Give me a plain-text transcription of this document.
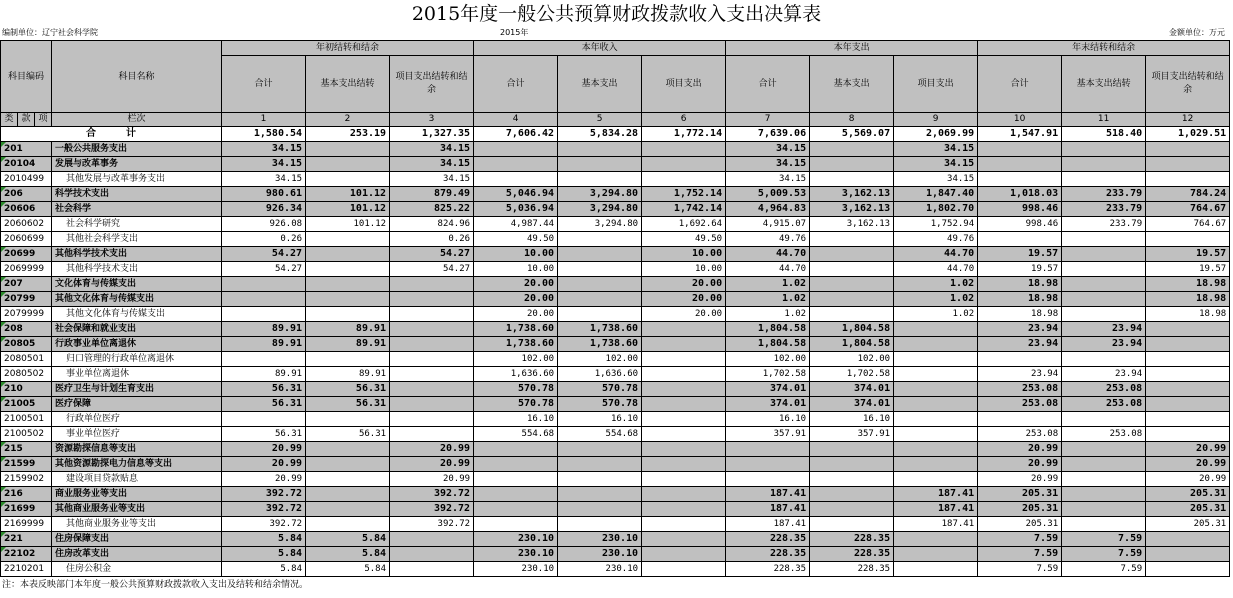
2015年度一般公共预算财政拨款收入支出决算表
编制单位：辽宁社会科学院	2015年	金额单位：万元
科目编码			科目名称	年初结转和结余			本年收入			本年支出			年末结转和结余		
				合计	基本支出结转	项目支出结转和结余	合计	基本支出	项目支出	合计	基本支出	项目支出	合计	基本支出结转	项目支出结转和结余
类	款	项	栏次	1	2	3	4	5	6	7	8	9	10	11	12
合　　　计				1,580.54	253.19	1,327.35	7,606.42	5,834.28	1,772.14	7,639.06	5,569.07	2,069.99	1,547.91	518.40	1,029.51

201			一般公共服务支出	34.15		34.15				34.15		34.15			

20104			发展与改革事务	34.15		34.15				34.15		34.15			
2010499			其他发展与改革事务支出	34.15		34.15				34.15		34.15			

206			科学技术支出	980.61	101.12	879.49	5,046.94	3,294.80	1,752.14	5,009.53	3,162.13	1,847.40	1,018.03	233.79	784.24

20606			社会科学	926.34	101.12	825.22	5,036.94	3,294.80	1,742.14	4,964.83	3,162.13	1,802.70	998.46	233.79	764.67
2060602			社会科学研究	926.08	101.12	824.96	4,987.44	3,294.80	1,692.64	4,915.07	3,162.13	1,752.94	998.46	233.79	764.67
2060699			其他社会科学支出	0.26		0.26	49.50		49.50	49.76		49.76			

20699			其他科学技术支出	54.27		54.27	10.00		10.00	44.70		44.70	19.57		19.57
2069999			其他科学技术支出	54.27		54.27	10.00		10.00	44.70		44.70	19.57		19.57

207			文化体育与传媒支出				20.00		20.00	1.02		1.02	18.98		18.98

20799			其他文化体育与传媒支出				20.00		20.00	1.02		1.02	18.98		18.98
2079999			其他文化体育与传媒支出				20.00		20.00	1.02		1.02	18.98		18.98

208			社会保障和就业支出	89.91	89.91		1,738.60	1,738.60		1,804.58	1,804.58		23.94	23.94	

20805			行政事业单位离退休	89.91	89.91		1,738.60	1,738.60		1,804.58	1,804.58		23.94	23.94	
2080501			归口管理的行政单位离退休				102.00	102.00		102.00	102.00				
2080502			事业单位离退休	89.91	89.91		1,636.60	1,636.60		1,702.58	1,702.58		23.94	23.94	

210			医疗卫生与计划生育支出	56.31	56.31		570.78	570.78		374.01	374.01		253.08	253.08	

21005			医疗保障	56.31	56.31		570.78	570.78		374.01	374.01		253.08	253.08	
2100501			行政单位医疗				16.10	16.10		16.10	16.10				
2100502			事业单位医疗	56.31	56.31		554.68	554.68		357.91	357.91		253.08	253.08	

215			资源勘探信息等支出	20.99		20.99							20.99		20.99

21599			其他资源勘探电力信息等支出	20.99		20.99							20.99		20.99
2159902			建设项目贷款贴息	20.99		20.99							20.99		20.99

216			商业服务业等支出	392.72		392.72				187.41		187.41	205.31		205.31

21699			其他商业服务业等支出	392.72		392.72				187.41		187.41	205.31		205.31
2169999			其他商业服务业等支出	392.72		392.72				187.41		187.41	205.31		205.31

221			住房保障支出	5.84	5.84		230.10	230.10		228.35	228.35		7.59	7.59	

22102			住房改革支出	5.84	5.84		230.10	230.10		228.35	228.35		7.59	7.59	
2210201			住房公积金	5.84	5.84		230.10	230.10		228.35	228.35		7.59	7.59	
注：本表反映部门本年度一般公共预算财政拨款收入支出及结转和结余情况。
